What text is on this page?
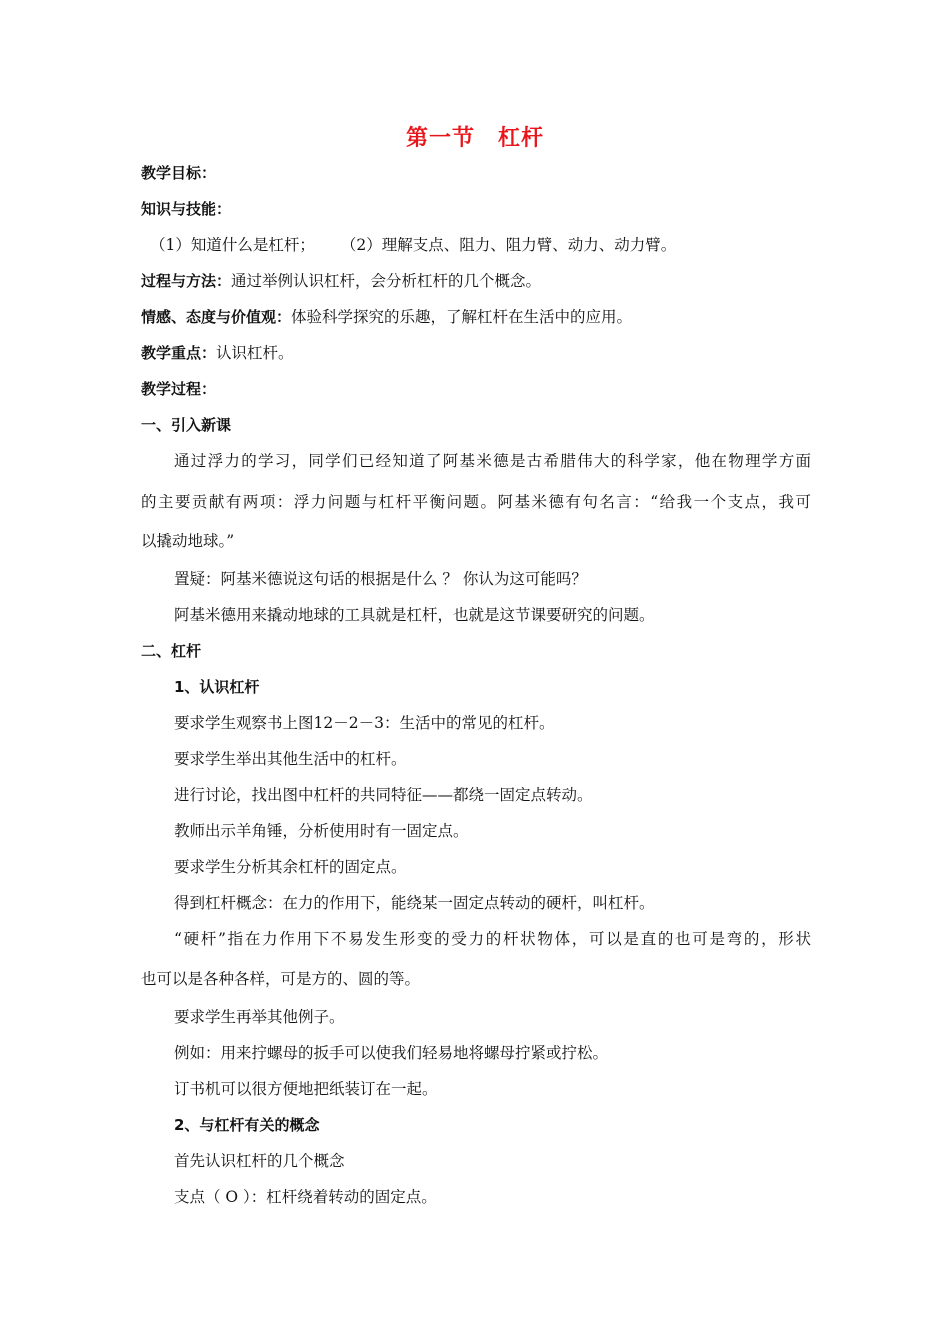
第一节　杠杆
教学目标：
知识与技能：
（1）知道什么是杠杆； （2）理解支点、阻力、阻力臂、动力、动力臂。
过程与方法：通过举例认识杠杆，会分析杠杆的几个概念。
情感、态度与价值观：体验科学探究的乐趣，了解杠杆在生活中的应用。
教学重点：认识杠杆。
教学过程：
一、引入新课
通过浮力的学习，同学们已经知道了阿基米德是古希腊伟大的科学家，他在物理学方面
的主要贡献有两项：浮力问题与杠杆平衡问题。阿基米德有句名言：“给我一个支点，我可
以撬动地球。”
置疑：阿基米德说这句话的根据是什么 ？ 你认为这可能吗？
阿基米德用来撬动地球的工具就是杠杆，也就是这节课要研究的问题。
二、杠杆
1、认识杠杆
要求学生观察书上图12－2－3：生活中的常见的杠杆。
要求学生举出其他生活中的杠杆。
进行讨论，找出图中杠杆的共同特征——都绕一固定点转动。
教师出示羊角锤，分析使用时有一固定点。
要求学生分析其余杠杆的固定点。
得到杠杆概念：在力的作用下，能绕某一固定点转动的硬杆，叫杠杆。
“硬杆”指在力作用下不易发生形变的受力的杆状物体，可以是直的也可是弯的，形状
也可以是各种各样，可是方的、圆的等。
要求学生再举其他例子。
例如：用来拧螺母的扳手可以使我们轻易地将螺母拧紧或拧松。
订书机可以很方便地把纸装订在一起。
2、与杠杆有关的概念
首先认识杠杆的几个概念
支点（ O ）：杠杆绕着转动的固定点。
